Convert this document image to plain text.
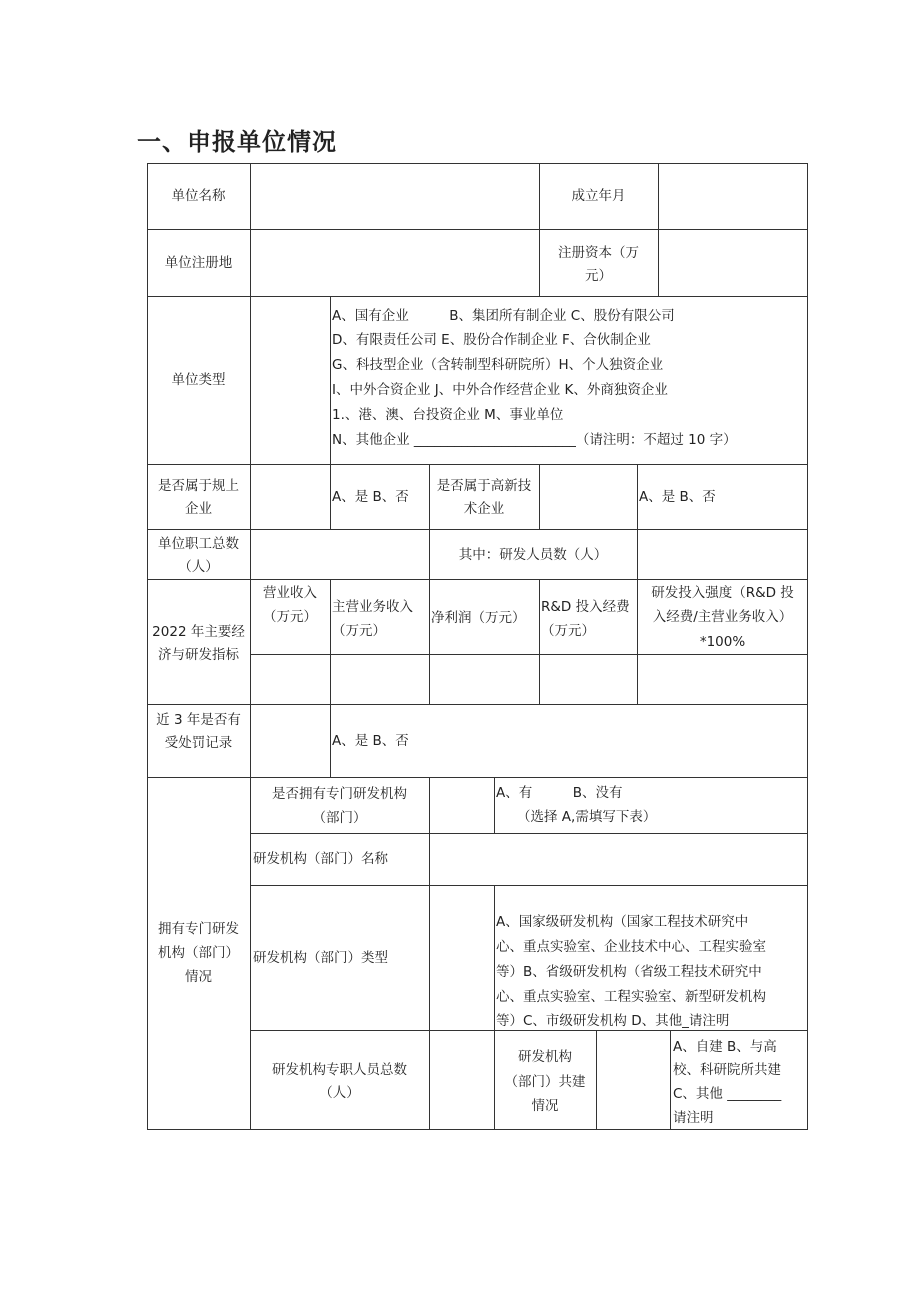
一、申报单位情况
单位名称	成立年月
单位注册地
注册资本（万
元）
单位类型
A、国有企业　　　B、集团所有制企业 C、股份有限公司
D、有限责任公司 E、股份合作制企业 F、合伙制企业
G、科技型企业（含转制型科研院所）H、个人独资企业
I、中外合资企业 J、中外合作经营企业 K、外商独资企业
1.、港、澳、台投资企业 M、事业单位
N、其他企业 ________________________（请注明：不超过 10 字）
是否属于规上
企业
A、是 B、否
是否属于高新技
术企业
A、是 B、否
单位职工总数
（人）
其中：研发人员数（人）
2022 年主要经
济与研发指标
营业收入
（万元）
主营业务收入
（万元）
净利润（万元）
R&D 投入经费
（万元）
研发投入强度（R&D 投
入经费/主营业务收入）
*100%
近 3 年是否有
受处罚记录	A、是 B、否
拥有专门研发
机构（部门）
情况
是否拥有专门研发机构
（部门）
A、有　　　B、没有
（选择 A,需填写下表）
研发机构（部门）名称
研发机构（部门）类型
A、国家级研发机构（国家工程技术研究中
心、重点实验室、企业技术中心、工程实验室
等）B、省级研发机构（省级工程技术研究中
心、重点实验室、工程实验室、新型研发机构
等）C、市级研发机构 D、其他_请注明
研发机构专职人员总数
（人）
研发机构
（部门）共建
情况
A、自建 B、与高
校、科研院所共建
C、其他 ________
请注明
